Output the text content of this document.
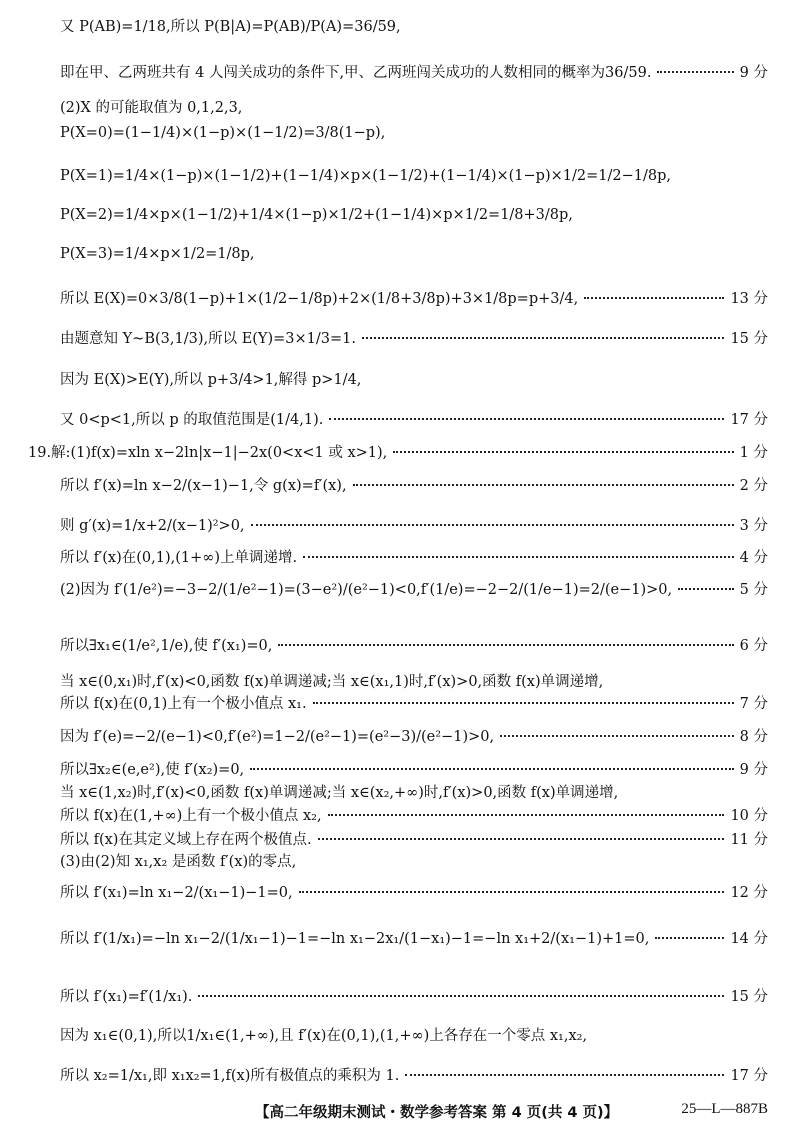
又 P(AB)=1/18,所以 P(B|A)=P(AB)/P(A)=36/59,
即在甲、乙两班共有 4 人闯关成功的条件下,甲、乙两班闯关成功的人数相同的概率为36/59.	9 分
(2)X 的可能取值为 0,1,2,3,
P(X=0)=(1−1/4)×(1−p)×(1−1/2)=3/8(1−p),
P(X=1)=1/4×(1−p)×(1−1/2)+(1−1/4)×p×(1−1/2)+(1−1/4)×(1−p)×1/2=1/2−1/8p,
P(X=2)=1/4×p×(1−1/2)+1/4×(1−p)×1/2+(1−1/4)×p×1/2=1/8+3/8p,
P(X=3)=1/4×p×1/2=1/8p,
所以 E(X)=0×3/8(1−p)+1×(1/2−1/8p)+2×(1/8+3/8p)+3×1/8p=p+3/4,	13 分
由题意知 Y~B(3,1/3),所以 E(Y)=3×1/3=1.	15 分
因为 E(X)>E(Y),所以 p+3/4>1,解得 p>1/4,
又 0<p<1,所以 p 的取值范围是(1/4,1).	17 分
19.解:(1)f(x)=xln x−2ln|x−1|−2x(0<x<1 或 x>1),	1 分
所以 f′(x)=ln x−2/(x−1)−1,令 g(x)=f′(x),	2 分
则 g′(x)=1/x+2/(x−1)²>0,	3 分
所以 f′(x)在(0,1),(1+∞)上单调递增.	4 分
(2)因为 f′(1/e²)=−3−2/(1/e²−1)=(3−e²)/(e²−1)<0,f′(1/e)=−2−2/(1/e−1)=2/(e−1)>0,	5 分
所以∃x₁∈(1/e²,1/e),使 f′(x₁)=0,	6 分
当 x∈(0,x₁)时,f′(x)<0,函数 f(x)单调递减;当 x∈(x₁,1)时,f′(x)>0,函数 f(x)单调递增,
所以 f(x)在(0,1)上有一个极小值点 x₁.	7 分
因为 f′(e)=−2/(e−1)<0,f′(e²)=1−2/(e²−1)=(e²−3)/(e²−1)>0,	8 分
所以∃x₂∈(e,e²),使 f′(x₂)=0,	9 分
当 x∈(1,x₂)时,f′(x)<0,函数 f(x)单调递减;当 x∈(x₂,+∞)时,f′(x)>0,函数 f(x)单调递增,
所以 f(x)在(1,+∞)上有一个极小值点 x₂,	10 分
所以 f(x)在其定义域上存在两个极值点.	11 分
(3)由(2)知 x₁,x₂ 是函数 f′(x)的零点,
所以 f′(x₁)=ln x₁−2/(x₁−1)−1=0,	12 分
所以 f′(1/x₁)=−ln x₁−2/(1/x₁−1)−1=−ln x₁−2x₁/(1−x₁)−1=−ln x₁+2/(x₁−1)+1=0,	14 分
所以 f′(x₁)=f′(1/x₁).	15 分
因为 x₁∈(0,1),所以1/x₁∈(1,+∞),且 f′(x)在(0,1),(1,+∞)上各存在一个零点 x₁,x₂,
所以 x₂=1/x₁,即 x₁x₂=1,f(x)所有极值点的乘积为 1.	17 分
【高二年级期末测试・数学参考答案 第 4 页(共 4 页)】	25—L—887B
